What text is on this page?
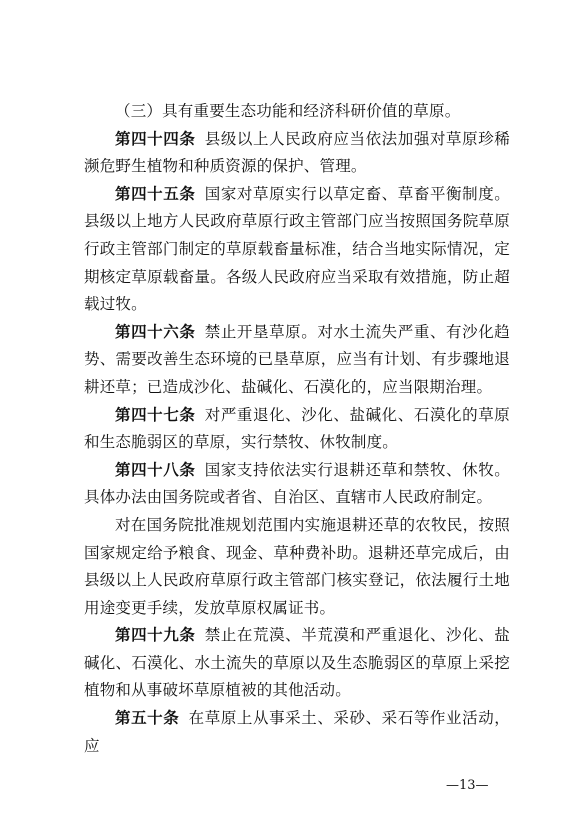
（三）具有重要生态功能和经济科研价值的草原。

第四十四条 县级以上人民政府应当依法加强对草原珍稀濒危野生植物和种质资源的保护、管理。

第四十五条 国家对草原实行以草定畜、草畜平衡制度。县级以上地方人民政府草原行政主管部门应当按照国务院草原行政主管部门制定的草原载畜量标准，结合当地实际情况，定期核定草原载畜量。各级人民政府应当采取有效措施，防止超载过牧。

第四十六条 禁止开垦草原。对水土流失严重、有沙化趋势、需要改善生态环境的已垦草原，应当有计划、有步骤地退耕还草；已造成沙化、盐碱化、石漠化的，应当限期治理。

第四十七条 对严重退化、沙化、盐碱化、石漠化的草原和生态脆弱区的草原，实行禁牧、休牧制度。

第四十八条 国家支持依法实行退耕还草和禁牧、休牧。具体办法由国务院或者省、自治区、直辖市人民政府制定。

对在国务院批准规划范围内实施退耕还草的农牧民，按照国家规定给予粮食、现金、草种费补助。退耕还草完成后，由县级以上人民政府草原行政主管部门核实登记，依法履行土地用途变更手续，发放草原权属证书。

第四十九条 禁止在荒漠、半荒漠和严重退化、沙化、盐碱化、石漠化、水土流失的草原以及生态脆弱区的草原上采挖植物和从事破坏草原植被的其他活动。

第五十条 在草原上从事采土、采砂、采石等作业活动，应

—13—
